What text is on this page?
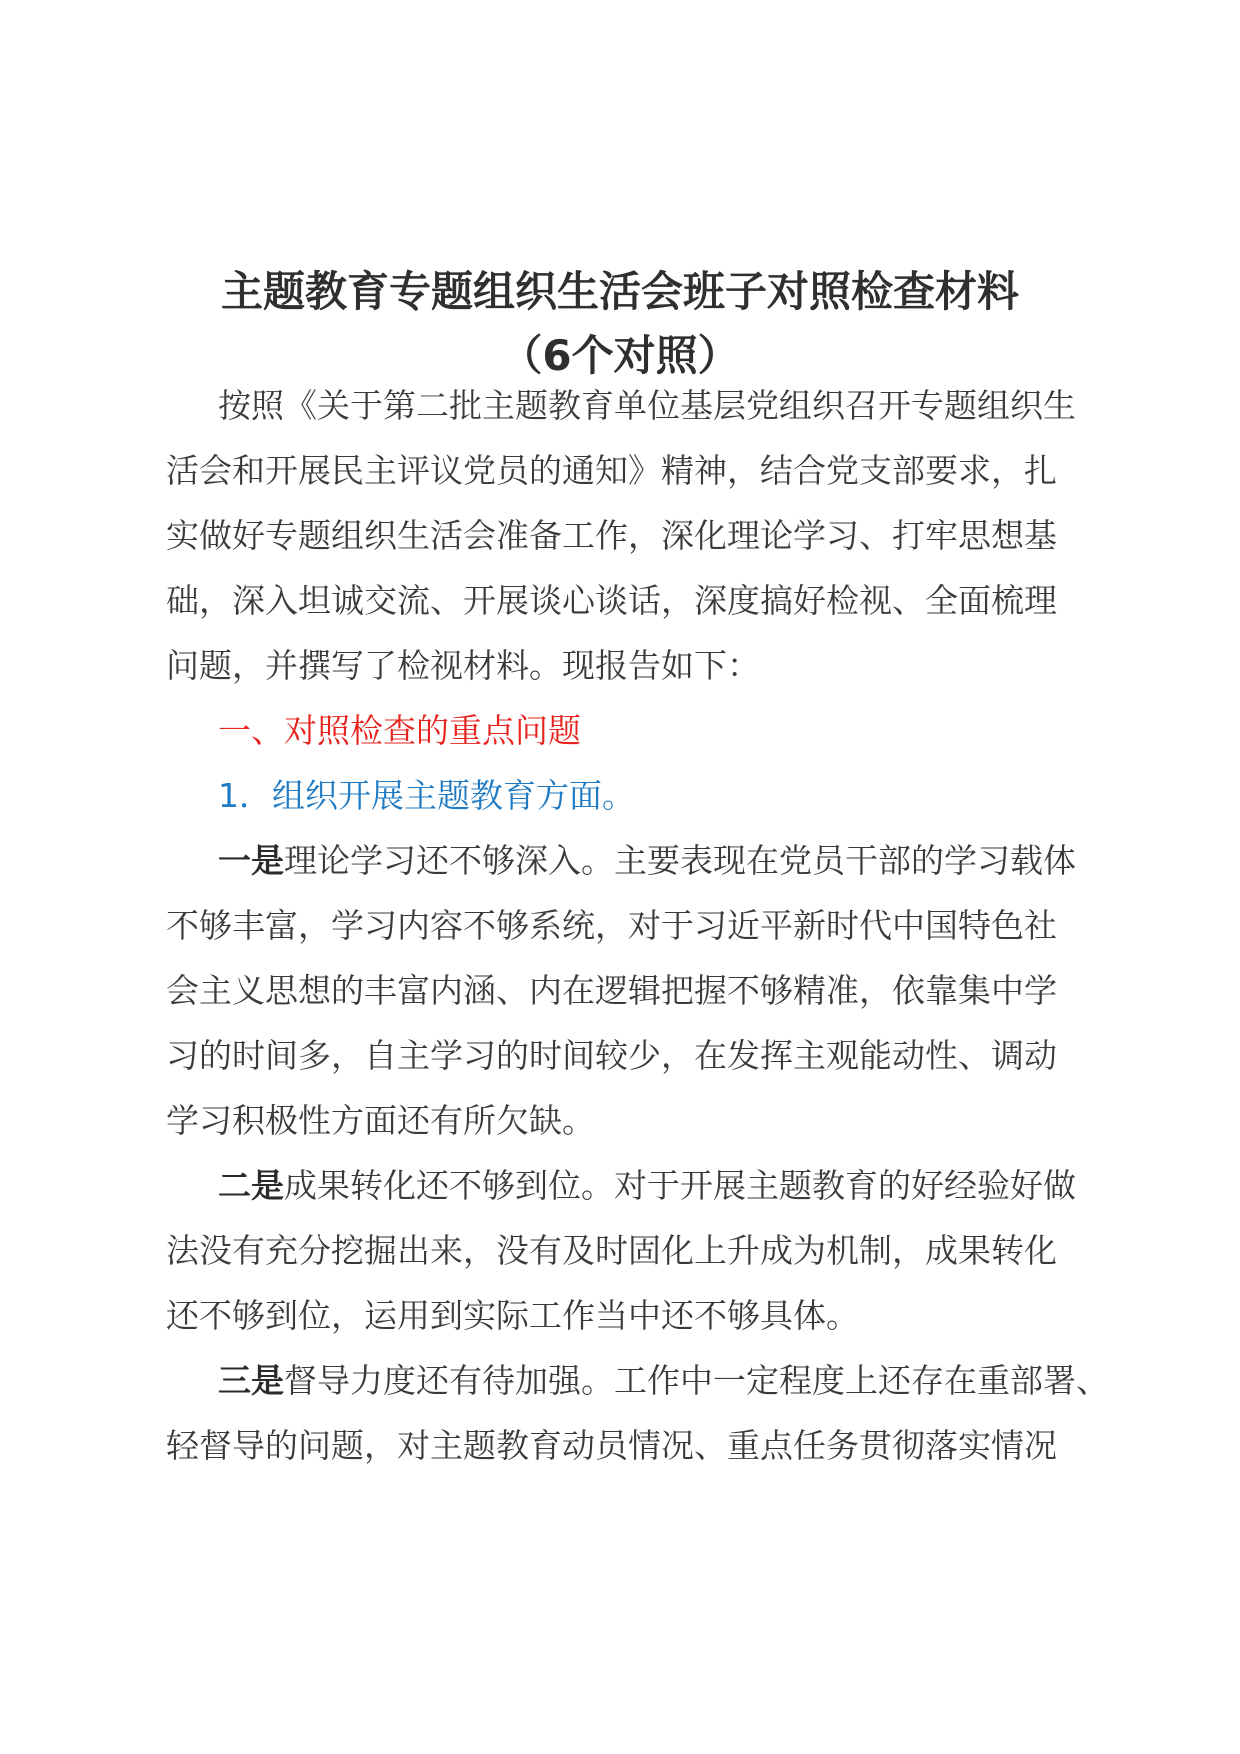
主题教育专题组织生活会班子对照检查材料
（6个对照）
按照《关于第二批主题教育单位基层党组织召开专题组织生
活会和开展民主评议党员的通知》精神，结合党支部要求，扎
实做好专题组织生活会准备工作，深化理论学习、打牢思想基
础，深入坦诚交流、开展谈心谈话，深度搞好检视、全面梳理
问题，并撰写了检视材料。现报告如下：
一、对照检查的重点问题
1．组织开展主题教育方面。
一是理论学习还不够深入。主要表现在党员干部的学习载体
不够丰富，学习内容不够系统，对于习近平新时代中国特色社
会主义思想的丰富内涵、内在逻辑把握不够精准，依靠集中学
习的时间多，自主学习的时间较少，在发挥主观能动性、调动
学习积极性方面还有所欠缺。
二是成果转化还不够到位。对于开展主题教育的好经验好做
法没有充分挖掘出来，没有及时固化上升成为机制，成果转化
还不够到位，运用到实际工作当中还不够具体。
三是督导力度还有待加强。工作中一定程度上还存在重部署、
轻督导的问题，对主题教育动员情况、重点任务贯彻落实情况
